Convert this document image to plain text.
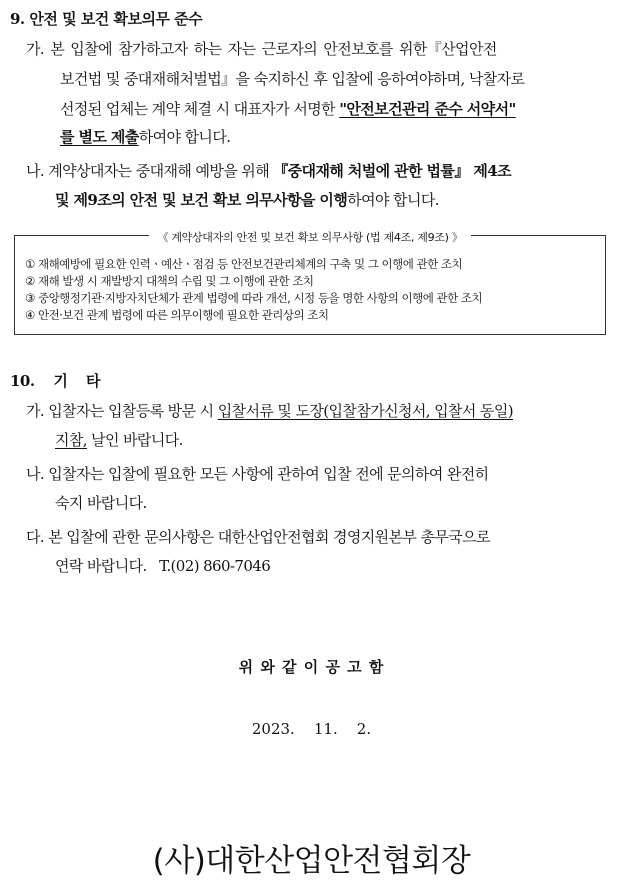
9. 안전 및 보건 확보의무 준수
가. 본 입찰에 참가하고자 하는 자는 근로자의 안전보호를 위한『산업안전
보건법 및 중대재해처벌법』을 숙지하신 후 입찰에 응하여야하며, 낙찰자로
선정된 업체는 계약 체결 시 대표자가 서명한 "안전보건관리 준수 서약서"
를 별도 제출하여야 합니다.
나. 계약상대자는 중대재해 예방을 위해 『중대재해 처벌에 관한 법률』 제4조
및 제9조의 안전 및 보건 확보 의무사항을 이행하여야 합니다.
《 계약상대자의 안전 및 보건 확보 의무사항 (법 제4조, 제9조) 》
① 재해예방에 필요한 인력ㆍ예산ㆍ점검 등 안전보건관리체계의 구축 및 그 이행에 관한 조치
② 재해 발생 시 재발방지 대책의 수립 및 그 이행에 관한 조치
③ 중앙행정기관·지방자치단체가 관계 법령에 따라 개선, 시정 등을 명한 사항의 이행에 관한 조치
④ 안전·보건 관계 법령에 따른 의무이행에 필요한 관리상의 조치
10. 기 타
가. 입찰자는 입찰등록 방문 시 입찰서류 및 도장(입찰참가신청서, 입찰서 동일)
지참, 날인 바랍니다.
나. 입찰자는 입찰에 필요한 모든 사항에 관하여 입찰 전에 문의하여 완전히
숙지 바랍니다.
다. 본 입찰에 관한 문의사항은 대한산업안전협회 경영지원본부 총무국으로
연락 바랍니다.   T.(02) 860-7046
위 와 같 이 공 고 함
2023.    11.    2.
(사)대한산업안전협회장
